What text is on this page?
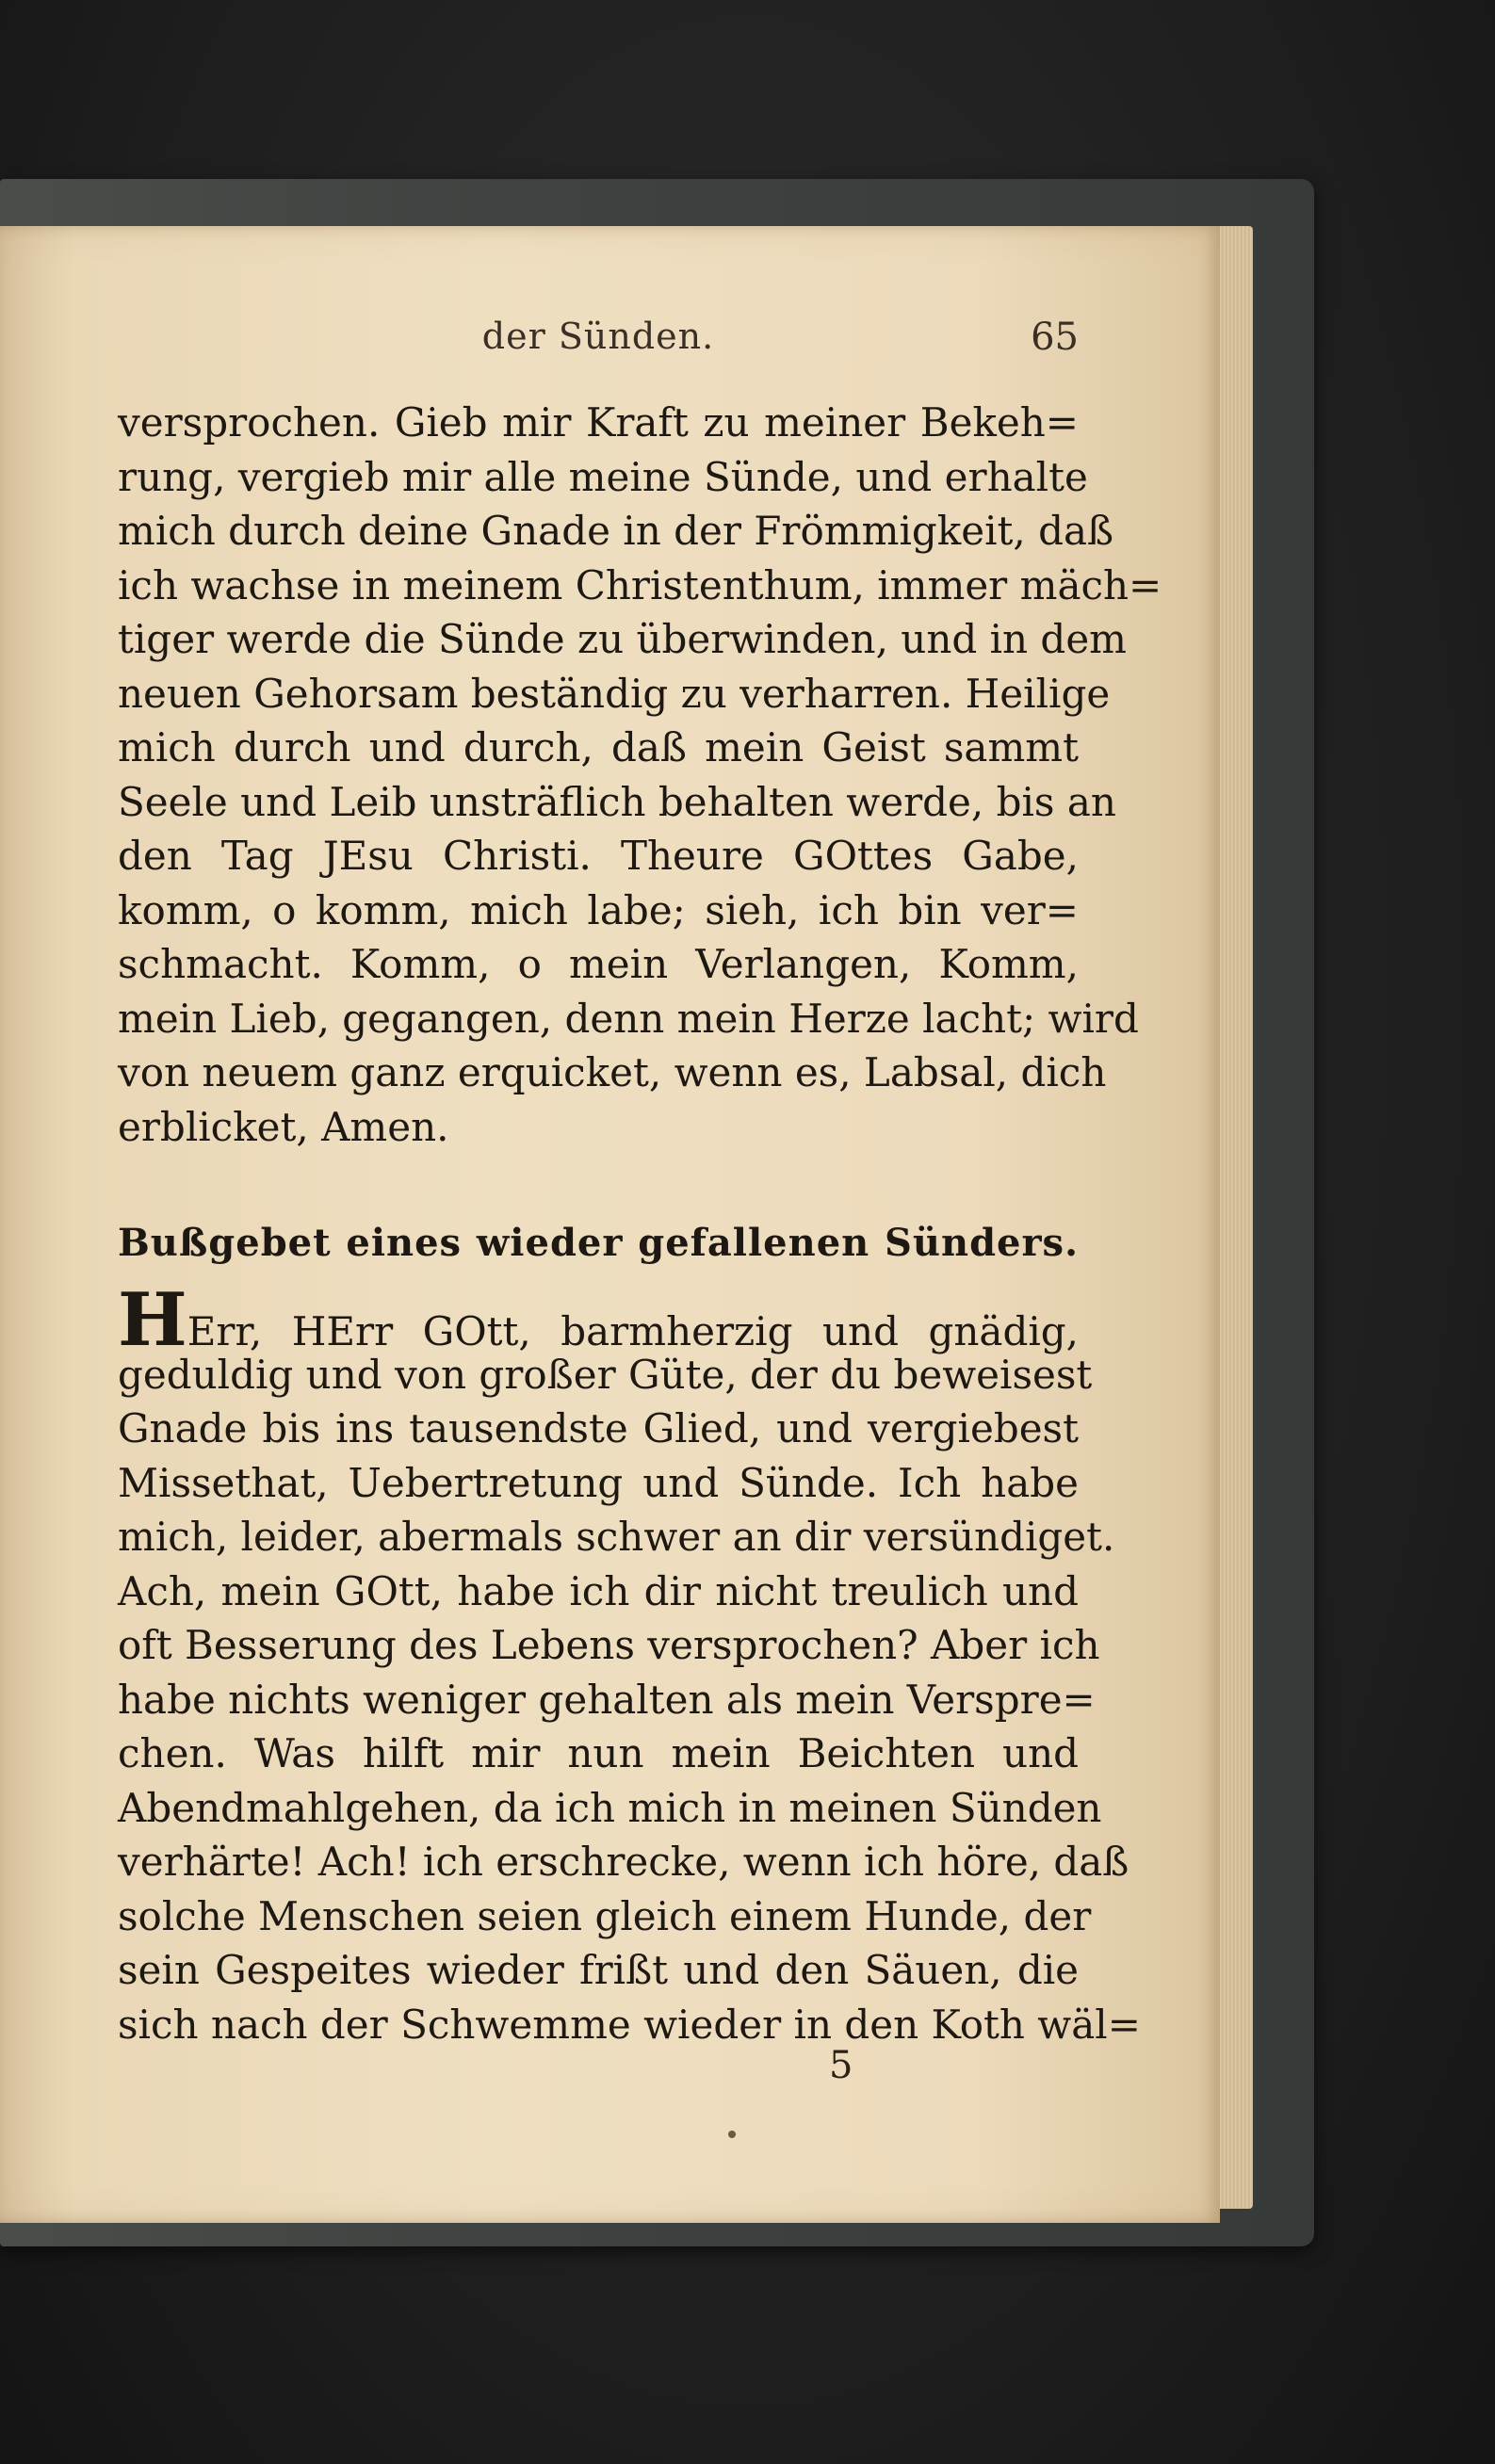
der Sünden.	65
versprochen. Gieb mir Kraft zu meiner Bekeh=
rung, vergieb mir alle meine Sünde, und erhalte
mich durch deine Gnade in der Frömmigkeit, daß
ich wachse in meinem Christenthum, immer mäch=
tiger werde die Sünde zu überwinden, und in dem
neuen Gehorsam beständig zu verharren. Heilige
mich durch und durch, daß mein Geist sammt
Seele und Leib unsträflich behalten werde, bis an
den Tag JEsu Christi. Theure GOttes Gabe,
komm, o komm, mich labe; sieh, ich bin ver=
schmacht. Komm, o mein Verlangen, Komm,
mein Lieb, gegangen, denn mein Herze lacht; wird
von neuem ganz erquicket, wenn es, Labsal, dich
erblicket, Amen.
Bußgebet eines wieder gefallenen Sünders.
HErr, HErr GOtt, barmherzig und gnädig,
geduldig und von großer Güte, der du beweisest
Gnade bis ins tausendste Glied, und vergiebest
Missethat, Uebertretung und Sünde. Ich habe
mich, leider, abermals schwer an dir versündiget.
Ach, mein GOtt, habe ich dir nicht treulich und
oft Besserung des Lebens versprochen? Aber ich
habe nichts weniger gehalten als mein Verspre=
chen. Was hilft mir nun mein Beichten und
Abendmahlgehen, da ich mich in meinen Sünden
verhärte! Ach! ich erschrecke, wenn ich höre, daß
solche Menschen seien gleich einem Hunde, der
sein Gespeites wieder frißt und den Säuen, die
sich nach der Schwemme wieder in den Koth wäl=
5
